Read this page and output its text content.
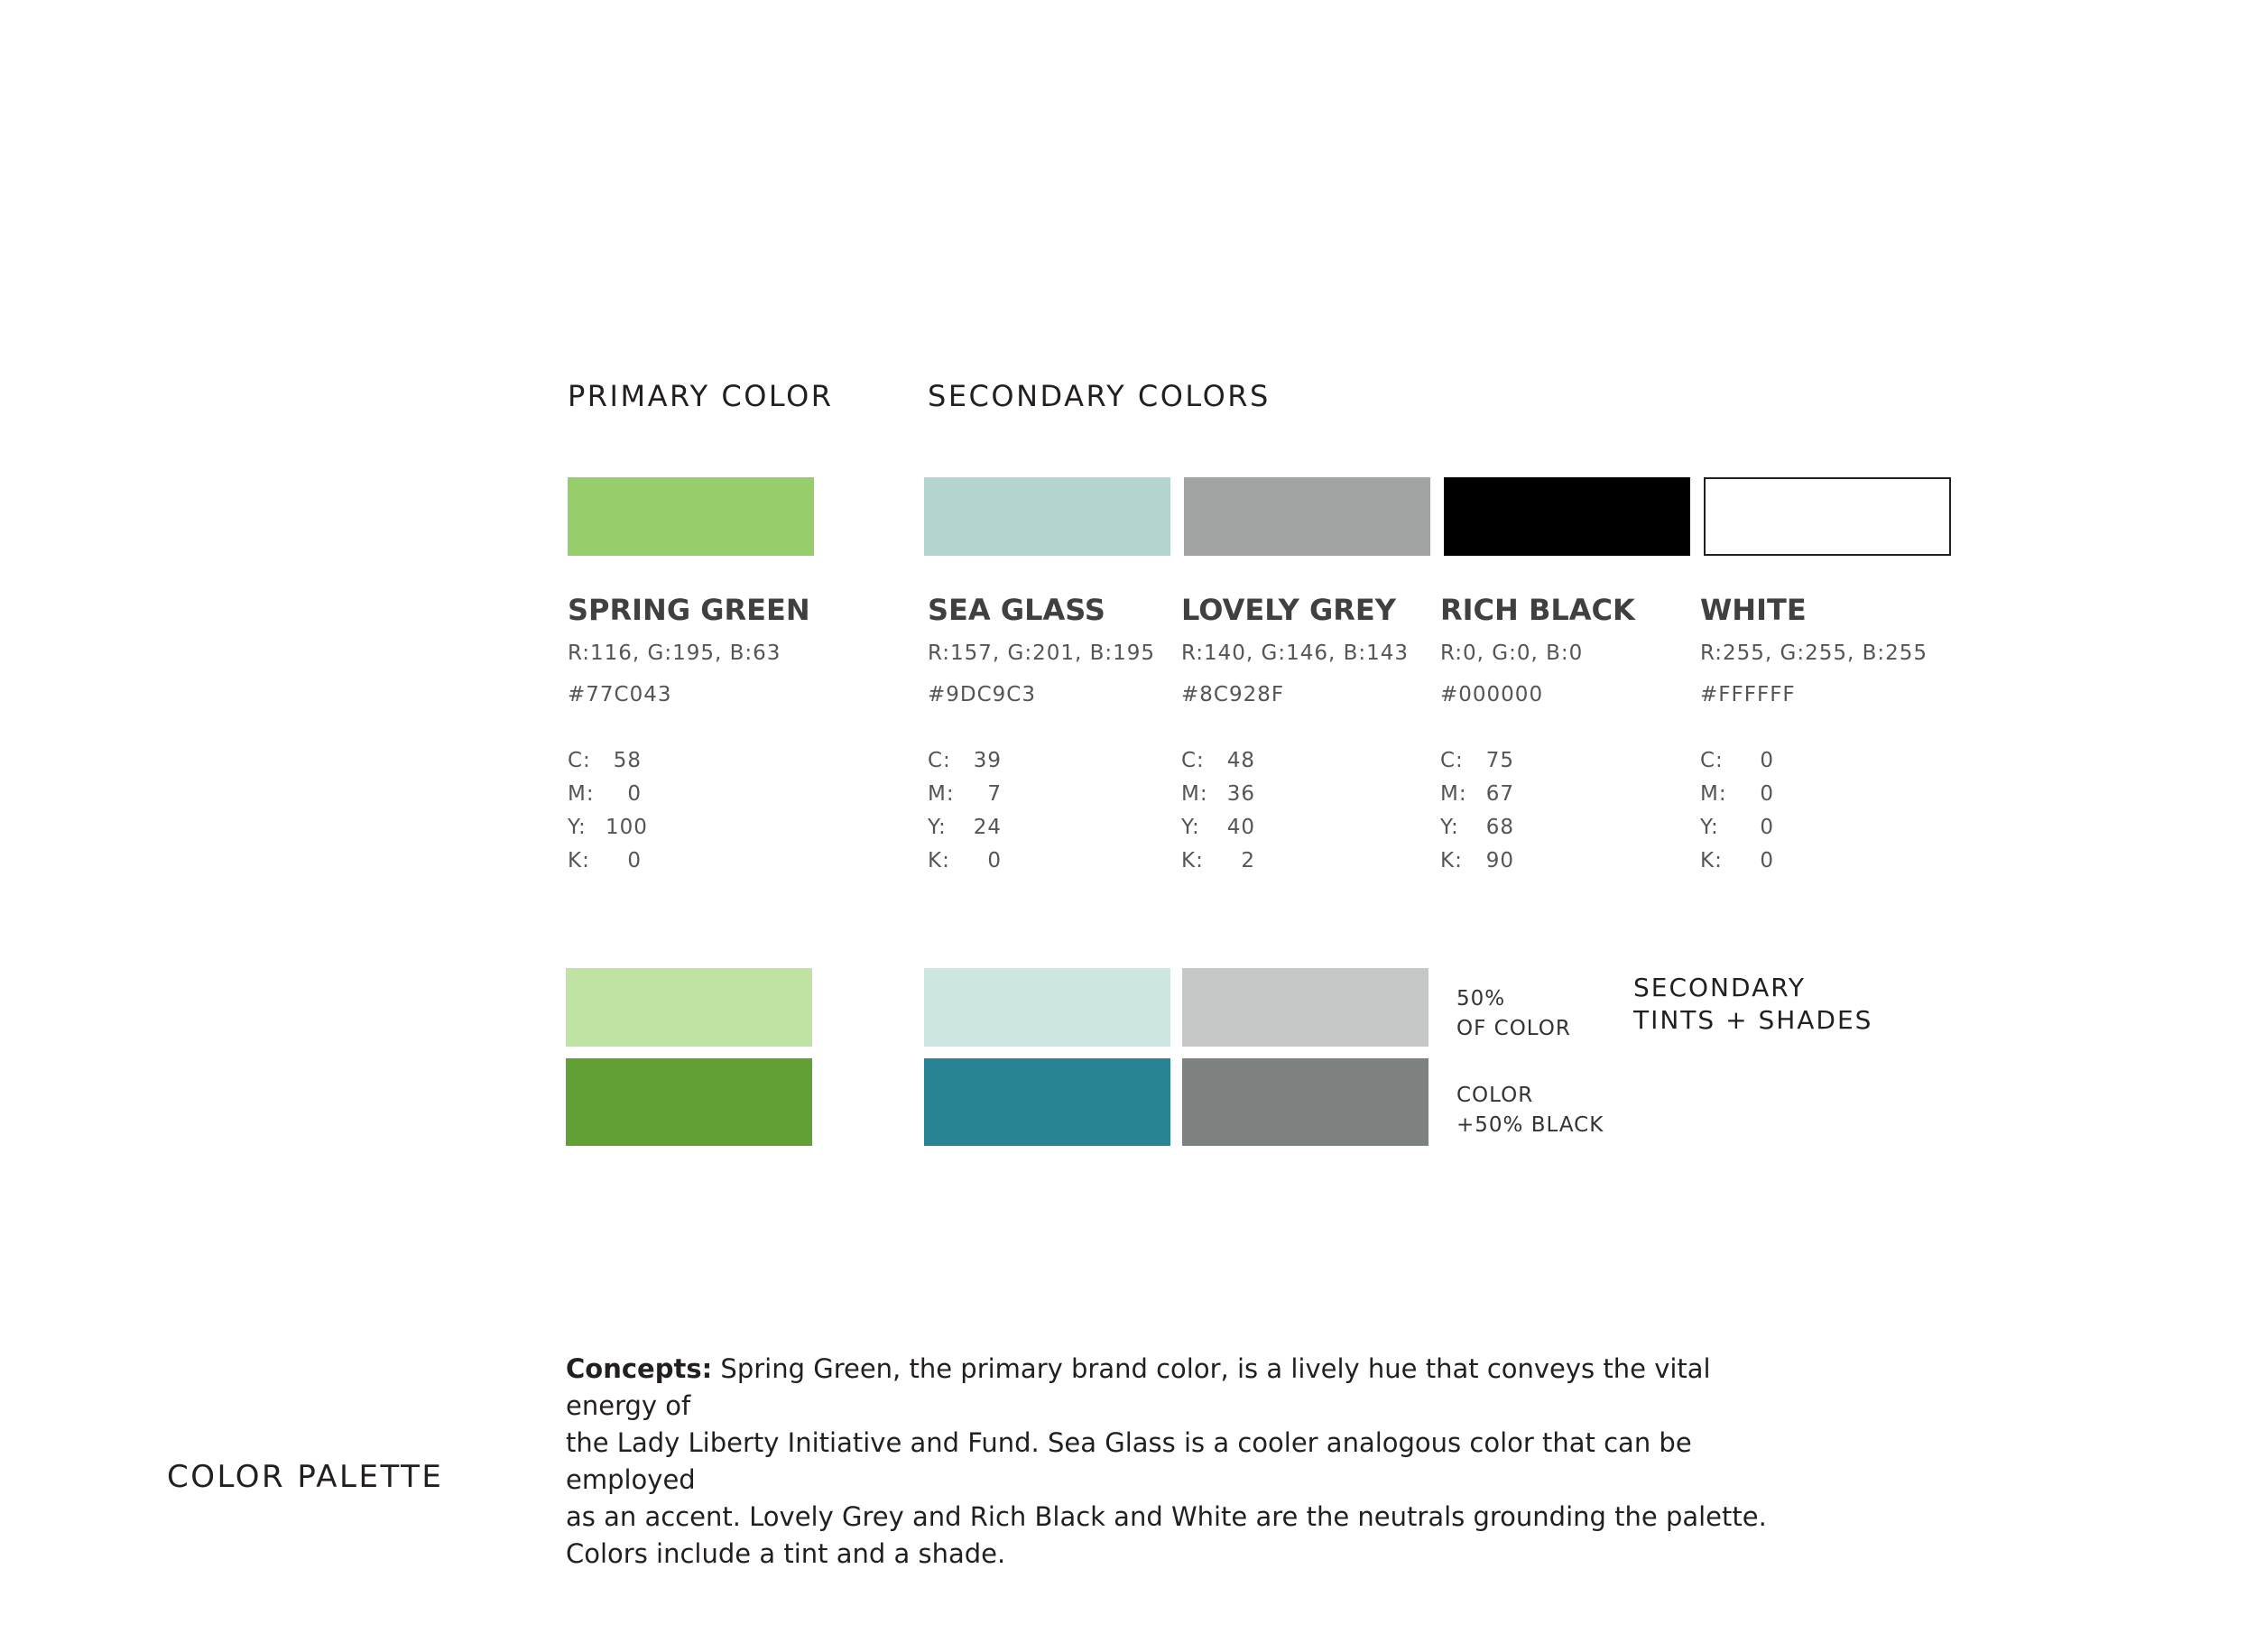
PRIMARY COLOR	SECONDARY COLORS
SPRING GREEN
R:116, G:195, B:63
#77C043
C:	58
M:	0
Y: 100
K:	0
SEA GLASS
R:157, G:201, B:195
#9DC9C3
C:	39
M:	7
Y:	24
K:	0
LOVELY GREY
R:140, G:146, B:143
#8C928F
C:	48
M: 36
Y:	40
K:	2
RICH BLACK
R:0, G:0, B:0
#000000
C:	75
M: 67
Y:	68
K:	90
WHITE
R:255, G:255, B:255
#FFFFFF
C:	0
M:	0
Y:	0
K:	0
50%
OF COLOR
COLOR
+50% BLACK
SECONDARY
TINTS + SHADES
Concepts: Spring Green, the primary brand color, is a lively hue that conveys the vital energy of
the Lady Liberty Initiative and Fund. Sea Glass is a cooler analogous color that can be employed
as an accent. Lovely Grey and Rich Black and White are the neutrals grounding the palette.
Colors include a tint and a shade.
COLOR PALETTE
